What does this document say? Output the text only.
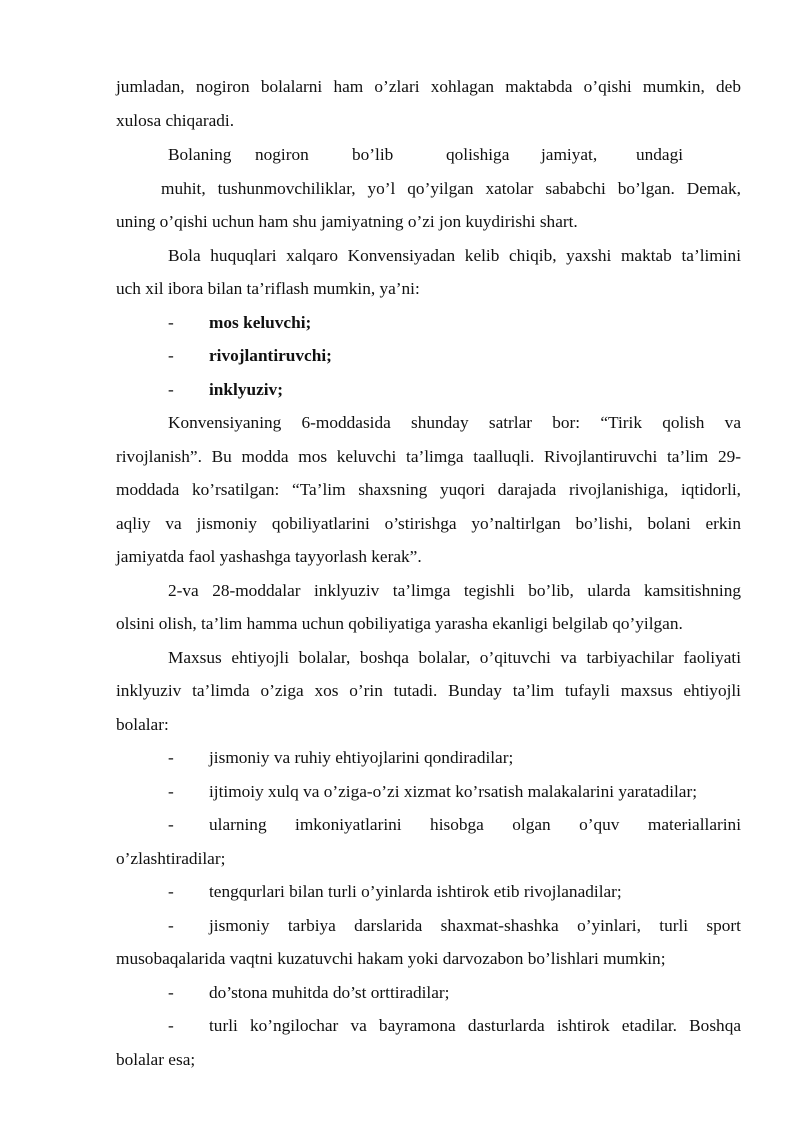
jumladan, nogiron bolalarni ham o’zlari xohlagan maktabda o’qishi mumkin, deb
xulosa chiqaradi.
Bolaning nogiron bo’lib	qolishiga jamiyat, undagi
muhit, tushunmovchiliklar, yo’l qo’yilgan xatolar sababchi bo’lgan. Demak,
uning o’qishi uchun ham shu jamiyatning o’zi jon kuydirishi shart.
Bola huquqlari xalqaro Konvensiyadan kelib chiqib, yaxshi maktab ta’limini
uch xil ibora bilan ta’riflash mumkin, ya’ni:
- mos keluvchi;
- rivojlantiruvchi;
- inklyuziv;
Konvensiyaning 6-moddasida shunday satrlar bor: “Tirik qolish va
rivojlanish”. Bu modda mos keluvchi ta’limga taalluqli. Rivojlantiruvchi ta’lim 29-
moddada ko’rsatilgan: “Ta’lim shaxsning yuqori darajada rivojlanishiga, iqtidorli,
aqliy va jismoniy qobiliyatlarini o’stirishga yo’naltirlgan bo’lishi, bolani erkin
jamiyatda faol yashashga tayyorlash kerak”.
2-va 28-moddalar inklyuziv ta’limga tegishli bo’lib, ularda kamsitishning
olsini olish, ta’lim hamma uchun qobiliyatiga yarasha ekanligi belgilab qo’yilgan.
Maxsus ehtiyojli bolalar, boshqa bolalar, o’qituvchi va tarbiyachilar faoliyati
inklyuziv ta’limda o’ziga xos o’rin tutadi. Bunday ta’lim tufayli maxsus ehtiyojli
bolalar:
- jismoniy va ruhiy ehtiyojlarini qondiradilar;
- ijtimoiy xulq va o’ziga-o’zi xizmat ko’rsatish malakalarini yaratadilar;
- ularning imkoniyatlarini hisobga olgan o’quv materiallarini
o’zlashtiradilar;
- tengqurlari bilan turli o’yinlarda ishtirok etib rivojlanadilar;
- jismoniy tarbiya darslarida shaxmat-shashka o’yinlari, turli sport
musobaqalarida vaqtni kuzatuvchi hakam yoki darvozabon bo’lishlari mumkin;
- do’stona muhitda do’st orttiradilar;
- turli ko’ngilochar va bayramona dasturlarda ishtirok etadilar. Boshqa
bolalar esa;
